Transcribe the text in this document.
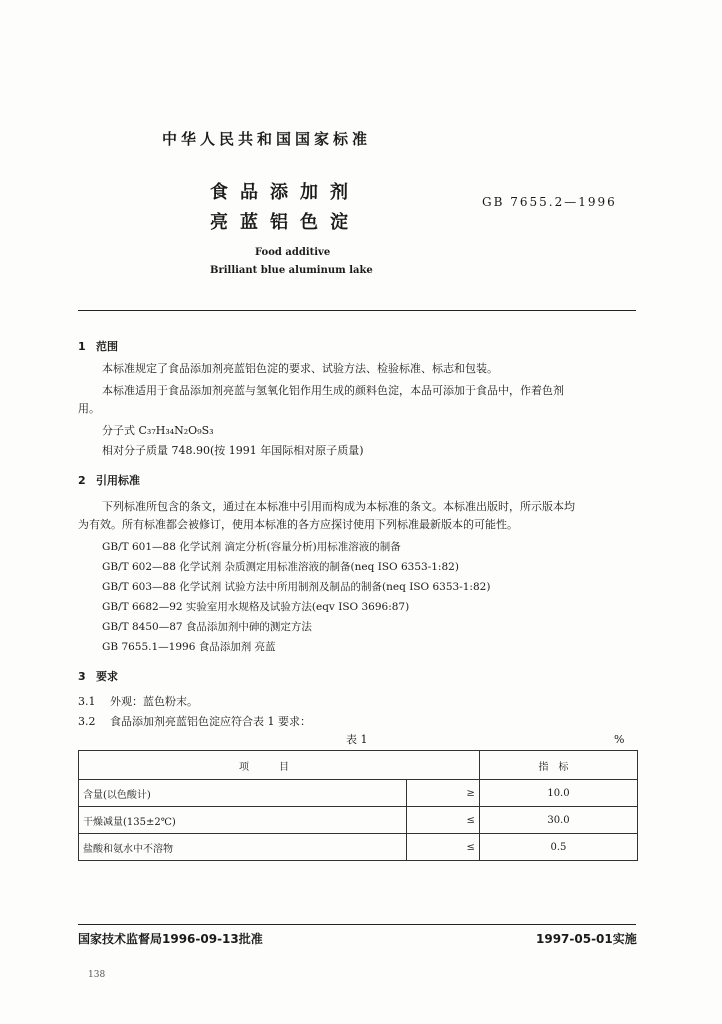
中华人民共和国国家标准
食品添加剂
亮蓝铝色淀
GB 7655.2—1996
Food additive
Brilliant blue aluminum lake
1 范围
本标准规定了食品添加剂亮蓝铝色淀的要求、试验方法、检验标准、标志和包装。
本标准适用于食品添加剂亮蓝与氢氧化铝作用生成的颜料色淀，本品可添加于食品中，作着色剂
用。
分子式 C₃₇H₃₄N₂O₉S₃
相对分子质量 748.90(按 1991 年国际相对原子质量)
2 引用标准
下列标准所包含的条文，通过在本标准中引用而构成为本标准的条文。本标准出版时，所示版本均
为有效。所有标准都会被修订，使用本标准的各方应探讨使用下列标准最新版本的可能性。
GB/T 601—88 化学试剂 滴定分析(容量分析)用标准溶液的制备
GB/T 602—88 化学试剂 杂质测定用标准溶液的制备(neq ISO 6353-1:82)
GB/T 603—88 化学试剂 试验方法中所用制剂及制品的制备(neq ISO 6353-1:82)
GB/T 6682—92 实验室用水规格及试验方法(eqv ISO 3696:87)
GB/T 8450—87 食品添加剂中砷的测定方法
GB 7655.1—1996 食品添加剂 亮蓝
3 要求
3.1 外观：蓝色粉末。
3.2 食品添加剂亮蓝铝色淀应符合表 1 要求：
表 1	%
项目		指标
含量(以色酸计)	≥	10.0
干燥减量(135±2℃)	≤	30.0
盐酸和氨水中不溶物	≤	0.5
国家技术监督局1996-09-13批准	1997-05-01实施
138
